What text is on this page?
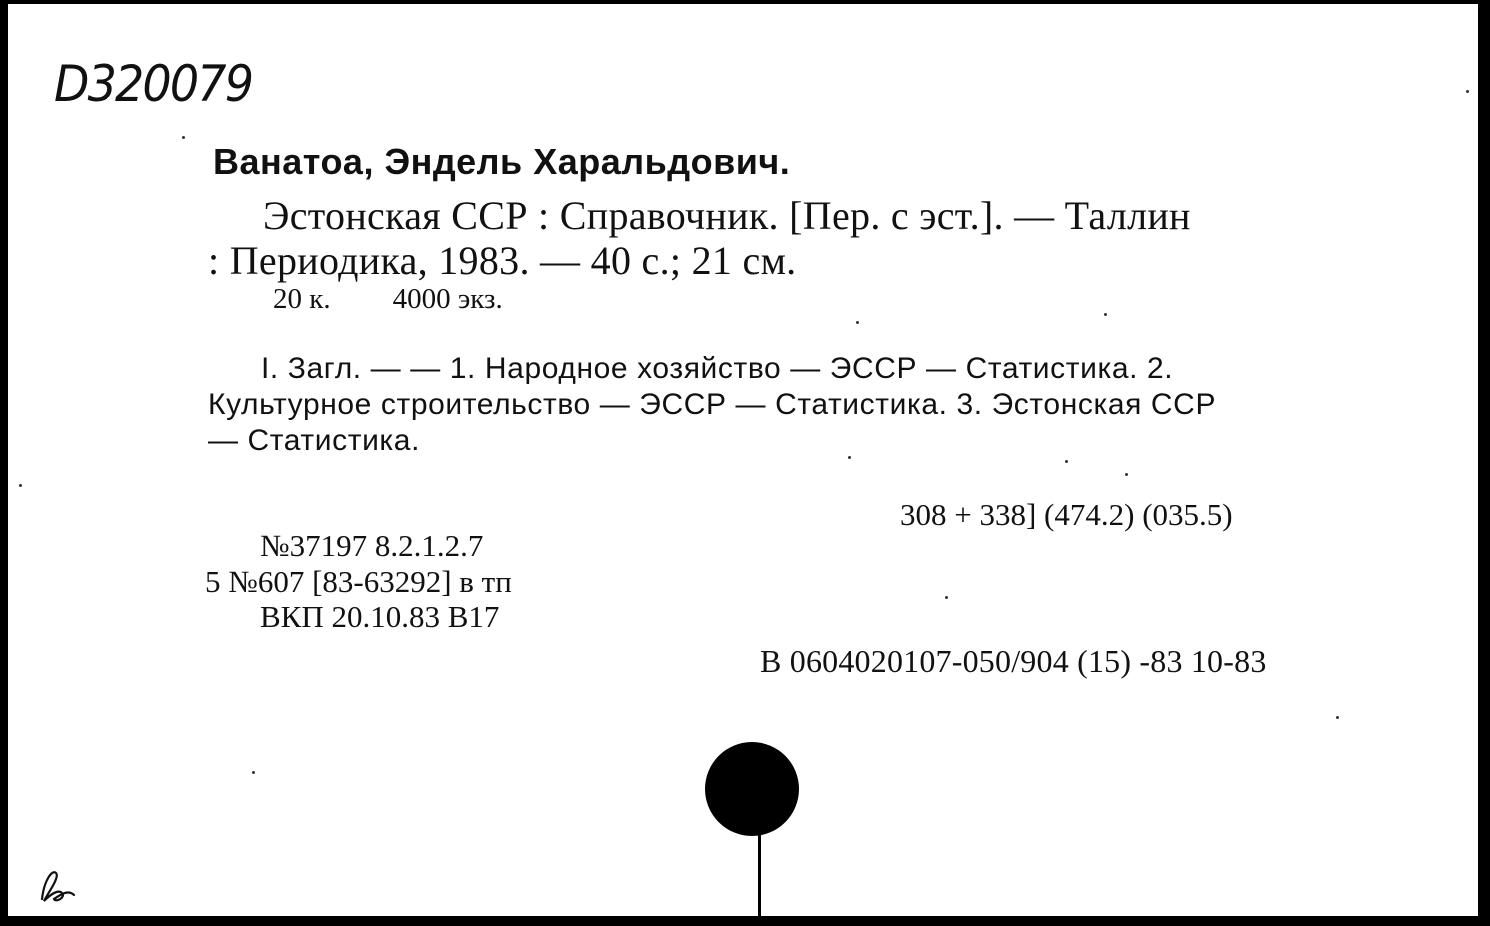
D320079
Ванатоа, Эндель Харальдович.
Эстонская ССР : Справочник. [Пер. с эст.]. — Таллин
: Периодика, 1983. — 40 с.; 21 см.
20 к. 4000 экз.
I. Загл. — — 1. Народное хозяйство — ЭССР — Статистика. 2.
Культурное строительство — ЭССР — Статистика. 3. Эстонская ССР
— Статистика.
308 + 338] (474.2) (035.5)
№37197 8.2.1.2.7
5 №607 [83-63292] в тп
ВКП 20.10.83 В17
В 0604020107-050/904 (15) -83 10-83
